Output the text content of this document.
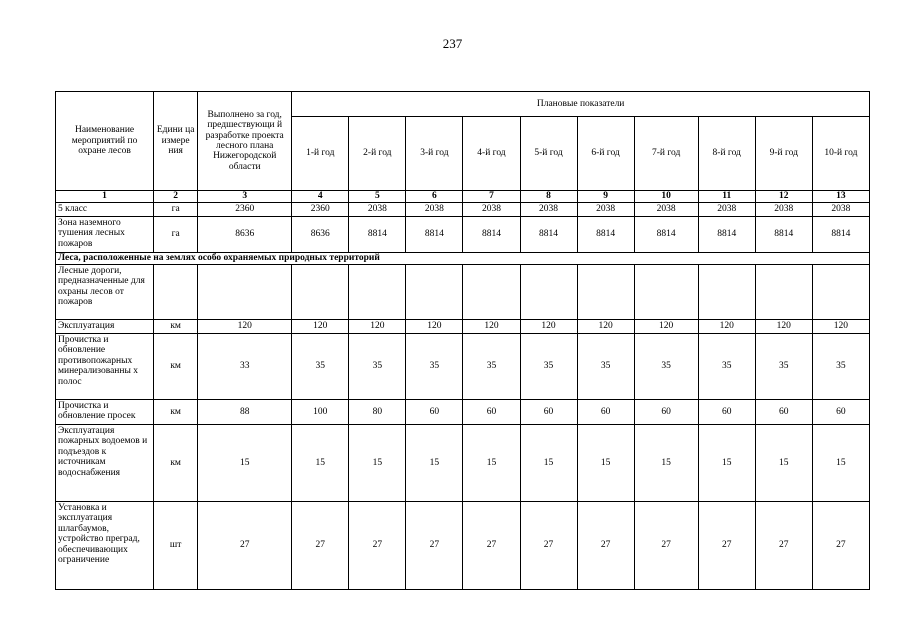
237
Наименование мероприятий по охране лесов	Едини ца измере ния	Выполнено за год, предшествующи й разработке проекта лесного плана Нижегородской области	Плановые показатели									
			1-й год	2-й год	3-й год	4-й год	5-й год	6-й год	7-й год	8-й год	9-й год	10-й год
1	2	3	4	5	6	7	8	9	10	11	12	13
5 класс	га	2360	2360	2038	2038	2038	2038	2038	2038	2038	2038	2038
Зона наземного тушения лесных пожаров	га	8636	8636	8814	8814	8814	8814	8814	8814	8814	8814	8814
Леса, расположенные на землях особо охраняемых природных территорий												
Лесные дороги, предназначенные для охраны лесов от пожаров												
Эксплуатация	км	120	120	120	120	120	120	120	120	120	120	120
Прочистка и обновление противопожарных минерализованны х полос	км	33	35	35	35	35	35	35	35	35	35	35
Прочистка и обновление просек	км	88	100	80	60	60	60	60	60	60	60	60
Эксплуатация пожарных водоемов и подъездов к источникам водоснабжения	км	15	15	15	15	15	15	15	15	15	15	15
Установка и эксплуатация шлагбаумов, устройство преград, обеспечивающих ограничение	шт	27	27	27	27	27	27	27	27	27	27	27
